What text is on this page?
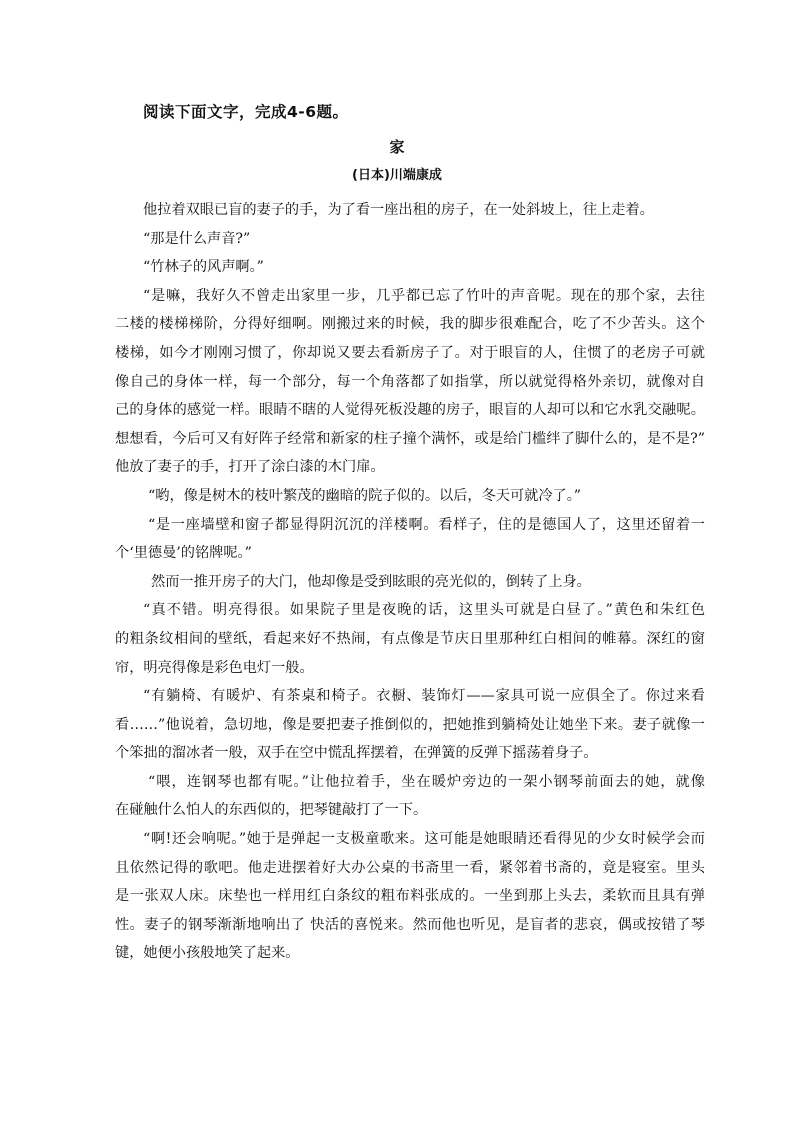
阅读下面文字，完成4-6题。
家
(日本)川端康成
他拉着双眼已盲的妻子的手，为了看一座出租的房子，在一处斜坡上，往上走着。
“那是什么声音?”
“竹林子的风声啊。”
“是嘛，我好久不曾走出家里一步，几乎都已忘了竹叶的声音呢。现在的那个家，去往
二楼的楼梯梯阶，分得好细啊。刚搬过来的时候，我的脚步很难配合，吃了不少苦头。这个
楼梯，如今才刚刚习惯了，你却说又要去看新房子了。对于眼盲的人，住惯了的老房子可就
像自己的身体一样，每一个部分，每一个角落都了如指掌，所以就觉得格外亲切，就像对自
己的身体的感觉一样。眼睛不瞎的人觉得死板没趣的房子，眼盲的人却可以和它水乳交融呢。
想想看，今后可又有好阵子经常和新家的柱子撞个满怀，或是给门槛绊了脚什么的，是不是?”
他放了妻子的手，打开了涂白漆的木门扉。
“哟，像是树木的枝叶繁茂的幽暗的院子似的。以后，冬天可就冷了。”
“是一座墙壁和窗子都显得阴沉沉的洋楼啊。看样子，住的是德国人了，这里还留着一
个‘里德曼’的铭牌呢。”
然而一推开房子的大门，他却像是受到眩眼的亮光似的，倒转了上身。
“真不错。明亮得很。如果院子里是夜晚的话，这里头可就是白昼了。”黄色和朱红色
的粗条纹相间的壁纸，看起来好不热闹，有点像是节庆日里那种红白相间的帷幕。深红的窗
帘，明亮得像是彩色电灯一般。
“有躺椅、有暖炉、有茶桌和椅子。衣橱、装饰灯——家具可说一应俱全了。你过来看
看……”他说着，急切地，像是要把妻子推倒似的，把她推到躺椅处让她坐下来。妻子就像一
个笨拙的溜冰者一般，双手在空中慌乱挥摆着，在弹簧的反弹下摇荡着身子。
“喂，连钢琴也都有呢。”让他拉着手，坐在暖炉旁边的一架小钢琴前面去的她，就像
在碰触什么怕人的东西似的，把琴键敲打了一下。
“啊!还会响呢。”她于是弹起一支极童歌来。这可能是她眼睛还看得见的少女时候学会而
且依然记得的歌吧。他走进摆着好大办公桌的书斋里一看，紧邻着书斋的，竟是寝室。里头
是一张双人床。床垫也一样用红白条纹的粗布料张成的。一坐到那上头去，柔软而且具有弹
性。妻子的钢琴渐渐地响出了 快活的喜悦来。然而他也听见，是盲者的悲哀，偶或按错了琴
键，她便小孩般地笑了起来。
